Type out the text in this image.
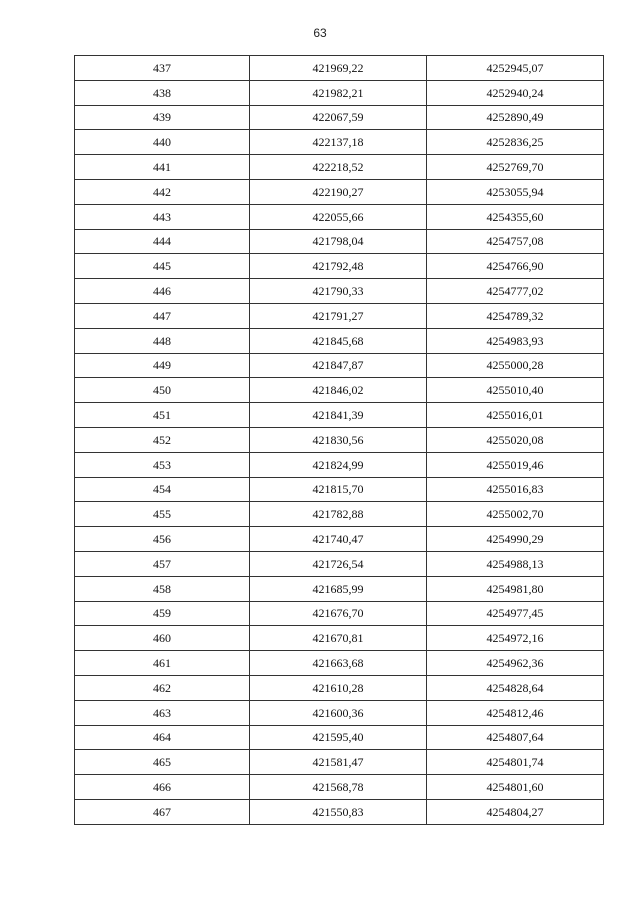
63
437	421969,22	4252945,07
438	421982,21	4252940,24
439	422067,59	4252890,49
440	422137,18	4252836,25
441	422218,52	4252769,70
442	422190,27	4253055,94
443	422055,66	4254355,60
444	421798,04	4254757,08
445	421792,48	4254766,90
446	421790,33	4254777,02
447	421791,27	4254789,32
448	421845,68	4254983,93
449	421847,87	4255000,28
450	421846,02	4255010,40
451	421841,39	4255016,01
452	421830,56	4255020,08
453	421824,99	4255019,46
454	421815,70	4255016,83
455	421782,88	4255002,70
456	421740,47	4254990,29
457	421726,54	4254988,13
458	421685,99	4254981,80
459	421676,70	4254977,45
460	421670,81	4254972,16
461	421663,68	4254962,36
462	421610,28	4254828,64
463	421600,36	4254812,46
464	421595,40	4254807,64
465	421581,47	4254801,74
466	421568,78	4254801,60
467	421550,83	4254804,27
